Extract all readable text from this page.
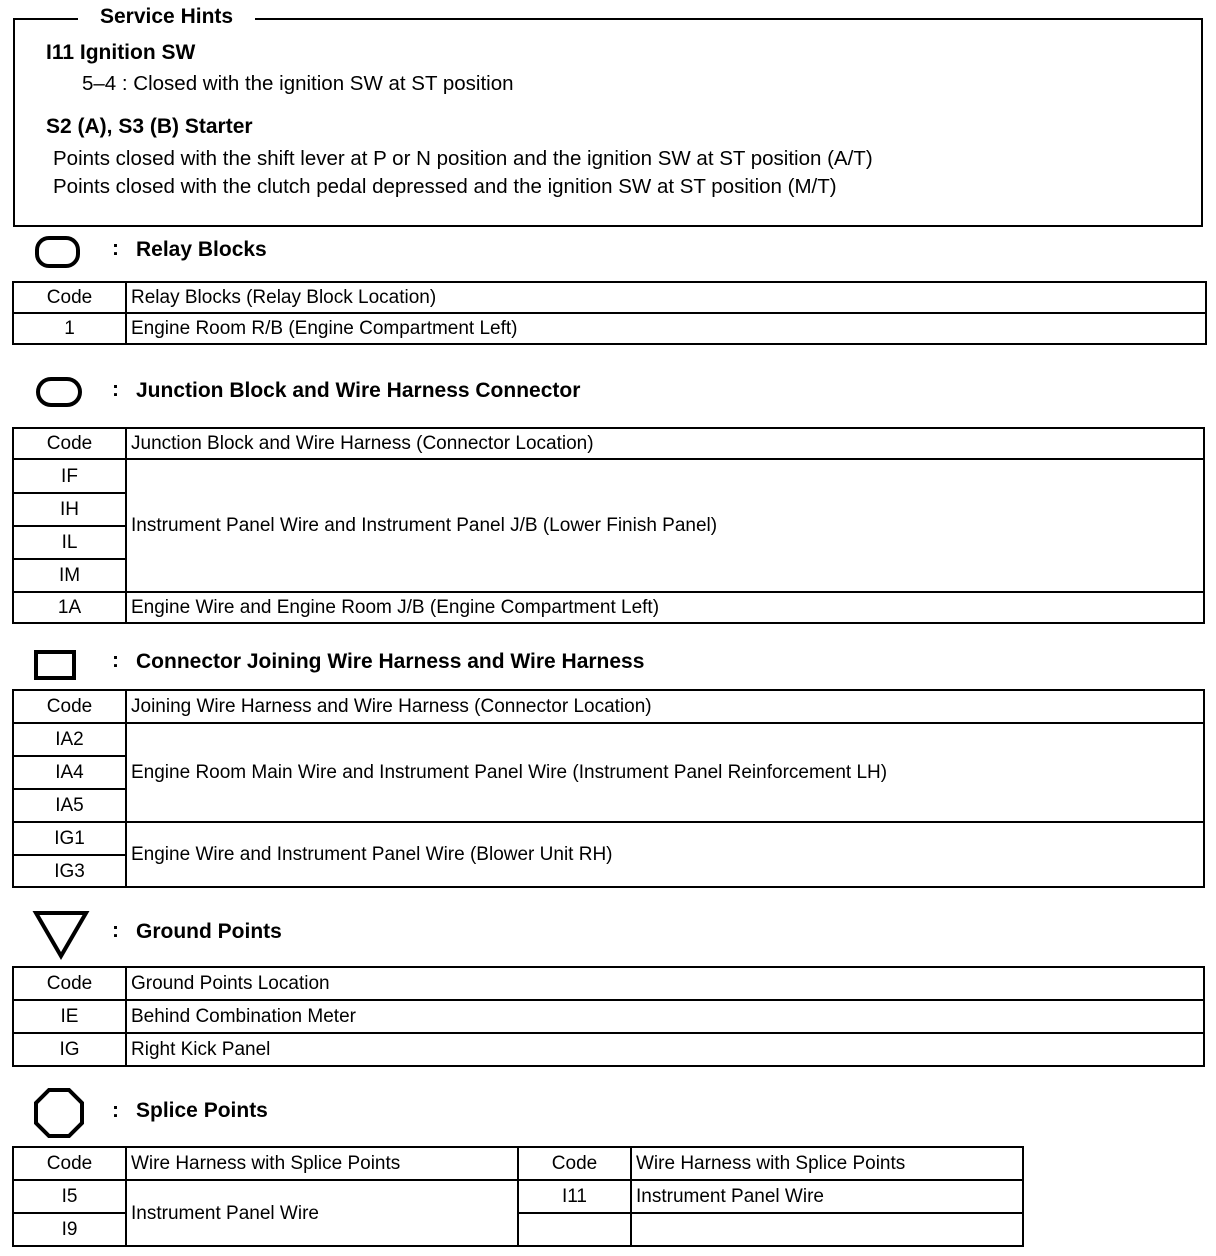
Service Hints
I11 Ignition SW
5–4 : Closed with the ignition SW at ST position
S2 (A), S3 (B) Starter
Points closed with the shift lever at P or N position and the ignition SW at ST position (A/T)
Points closed with the clutch pedal depressed and the ignition SW at ST position (M/T)
: Relay Blocks
Code	Relay Blocks (Relay Block Location)
1	Engine Room R/B (Engine Compartment Left)
: Junction Block and Wire Harness Connector
Code	Junction Block and Wire Harness (Connector Location)
IF	Instrument Panel Wire and Instrument Panel J/B (Lower Finish Panel)
IH	
IL	
IM	
1A	Engine Wire and Engine Room J/B (Engine Compartment Left)
: Connector Joining Wire Harness and Wire Harness
Code	Joining Wire Harness and Wire Harness (Connector Location)
IA2	Engine Room Main Wire and Instrument Panel Wire (Instrument Panel Reinforcement LH)
IA4	
IA5	
IG1	Engine Wire and Instrument Panel Wire (Blower Unit RH)
IG3	
: Ground Points
Code	Ground Points Location
IE	Behind Combination Meter
IG	Right Kick Panel
: Splice Points
Code	Wire Harness with Splice Points	Code	Wire Harness with Splice Points
I5	Instrument Panel Wire	I11	Instrument Panel Wire
I9			
